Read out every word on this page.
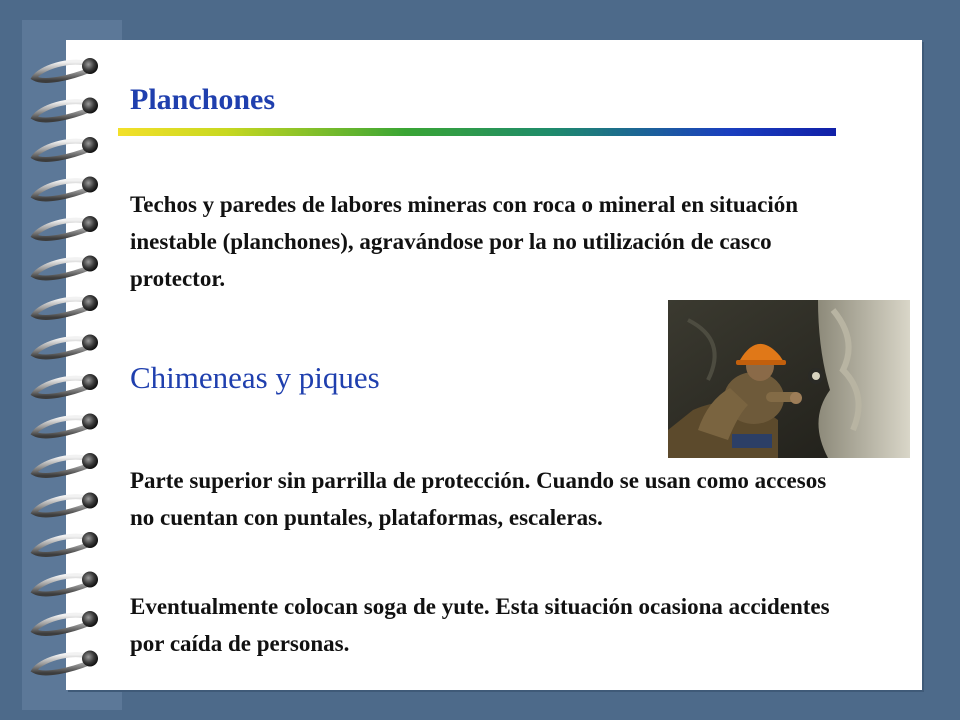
Planchones

Techos y paredes de labores mineras con roca o mineral en situación inestable (planchones), agravándose por la no utilización de casco protector.

Chimeneas y piques

Parte superior sin parrilla de protección. Cuando se usan como accesos no cuentan con puntales, plataformas, escaleras.

Eventualmente colocan soga de yute. Esta situación ocasiona accidentes por caída de personas.
